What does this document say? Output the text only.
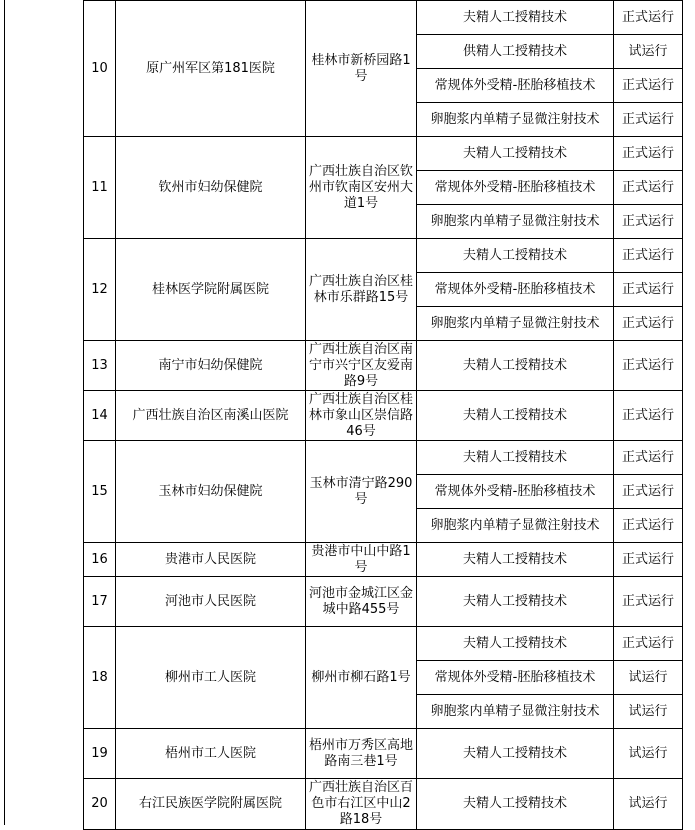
10	原广州军区第181医院	桂林市新桥园路1号	夫精人工授精技术	正式运行
			供精人工授精技术	试运行
			常规体外受精-胚胎移植技术	正式运行
			卵胞浆内单精子显微注射技术	正式运行
11	钦州市妇幼保健院	广西壮族自治区钦州市钦南区安州大道1号	夫精人工授精技术	正式运行
			常规体外受精-胚胎移植技术	正式运行
			卵胞浆内单精子显微注射技术	正式运行
12	桂林医学院附属医院	广西壮族自治区桂林市乐群路15号	夫精人工授精技术	正式运行
			常规体外受精-胚胎移植技术	正式运行
			卵胞浆内单精子显微注射技术	正式运行
13	南宁市妇幼保健院	广西壮族自治区南宁市兴宁区友爱南路9号	夫精人工授精技术	正式运行
14	广西壮族自治区南溪山医院	广西壮族自治区桂林市象山区崇信路46号	夫精人工授精技术	正式运行
15	玉林市妇幼保健院	玉林市清宁路290号	夫精人工授精技术	正式运行
			常规体外受精-胚胎移植技术	正式运行
			卵胞浆内单精子显微注射技术	正式运行
16	贵港市人民医院	贵港市中山中路1号	夫精人工授精技术	正式运行
17	河池市人民医院	河池市金城江区金城中路455号	夫精人工授精技术	正式运行
18	柳州市工人医院	柳州市柳石路1号	夫精人工授精技术	正式运行
			常规体外受精-胚胎移植技术	试运行
			卵胞浆内单精子显微注射技术	试运行
19	梧州市工人医院	梧州市万秀区高地路南三巷1号	夫精人工授精技术	试运行
20	右江民族医学院附属医院	广西壮族自治区百色市右江区中山2路18号	夫精人工授精技术	试运行
